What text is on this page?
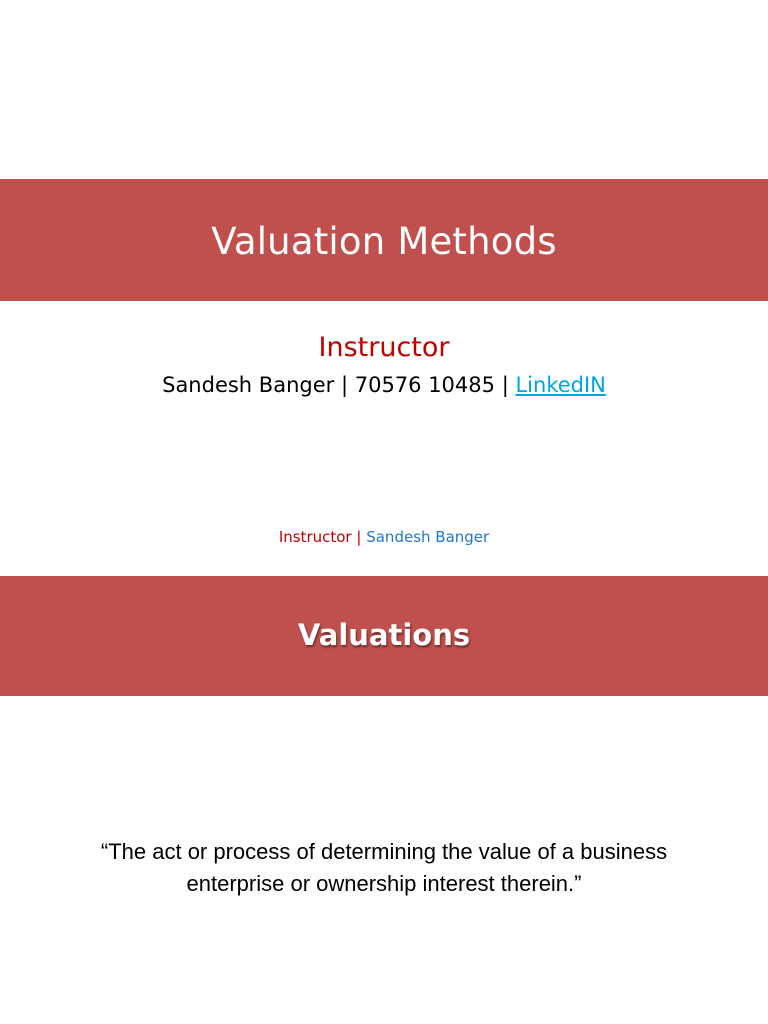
Valuation Methods
Instructor
Sandesh Banger | 70576 10485 | LinkedIN
Instructor | Sandesh Banger
Valuations
“The act or process of determining the value of a business
enterprise or ownership interest therein.”
